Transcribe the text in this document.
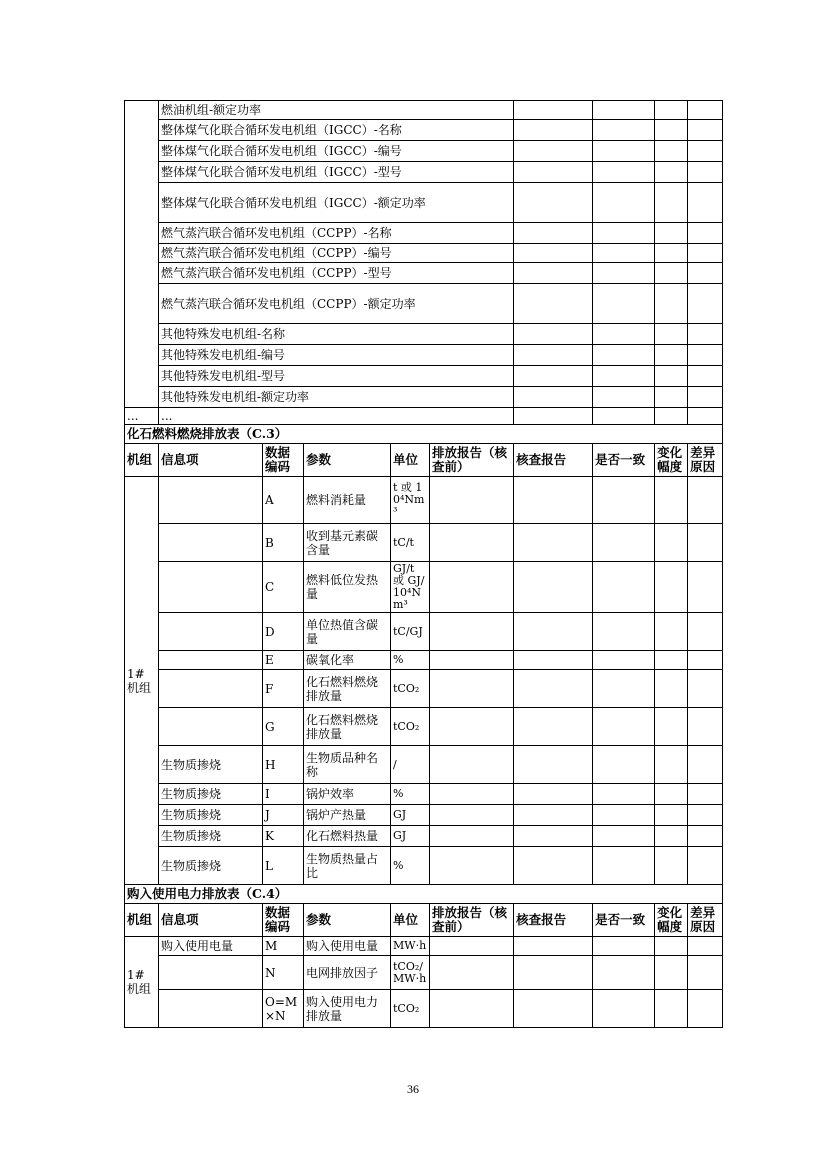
	燃油机组-额定功率								
	整体煤气化联合循环发电机组（IGCC）-名称								
	整体煤气化联合循环发电机组（IGCC）-编号								
	整体煤气化联合循环发电机组（IGCC）-型号								
	整体煤气化联合循环发电机组（IGCC）-额定功率								
	燃气蒸汽联合循环发电机组（CCPP）-名称								
	燃气蒸汽联合循环发电机组（CCPP）-编号								
	燃气蒸汽联合循环发电机组（CCPP）-型号								
	燃气蒸汽联合循环发电机组（CCPP）-额定功率								
	其他特殊发电机组-名称								
	其他特殊发电机组-编号								
	其他特殊发电机组-型号								
	其他特殊发电机组-额定功率								
...	...								
化石燃料燃烧排放表（C.3）									
机组	信息项	数据编码	参数	单位	排放报告（核查前）	核查报告	是否一致	变化幅度	差异原因
1#机组		A	燃料消耗量	t 或 10⁴Nm³					
		B	收到基元素碳含量	tC/t					
		C	燃料低位发热量	GJ/t 或 GJ/10⁴Nm³					
		D	单位热值含碳量	tC/GJ					
		E	碳氧化率	%					
		F	化石燃料燃烧排放量	tCO₂					
		G	化石燃料燃烧排放量	tCO₂					
	生物质掺烧	H	生物质品种名称	/					
	生物质掺烧	I	锅炉效率	%					
	生物质掺烧	J	锅炉产热量	GJ					
	生物质掺烧	K	化石燃料热量	GJ					
	生物质掺烧	L	生物质热量占比	%					
购入使用电力排放表（C.4）									
机组	信息项	数据编码	参数	单位	排放报告（核查前）	核查报告	是否一致	变化幅度	差异原因
1#机组	购入使用电量	M	购入使用电量	MW·h					
		N	电网排放因子	tCO₂/MW·h					
		O=M×N	购入使用电力排放量	tCO₂					
36
